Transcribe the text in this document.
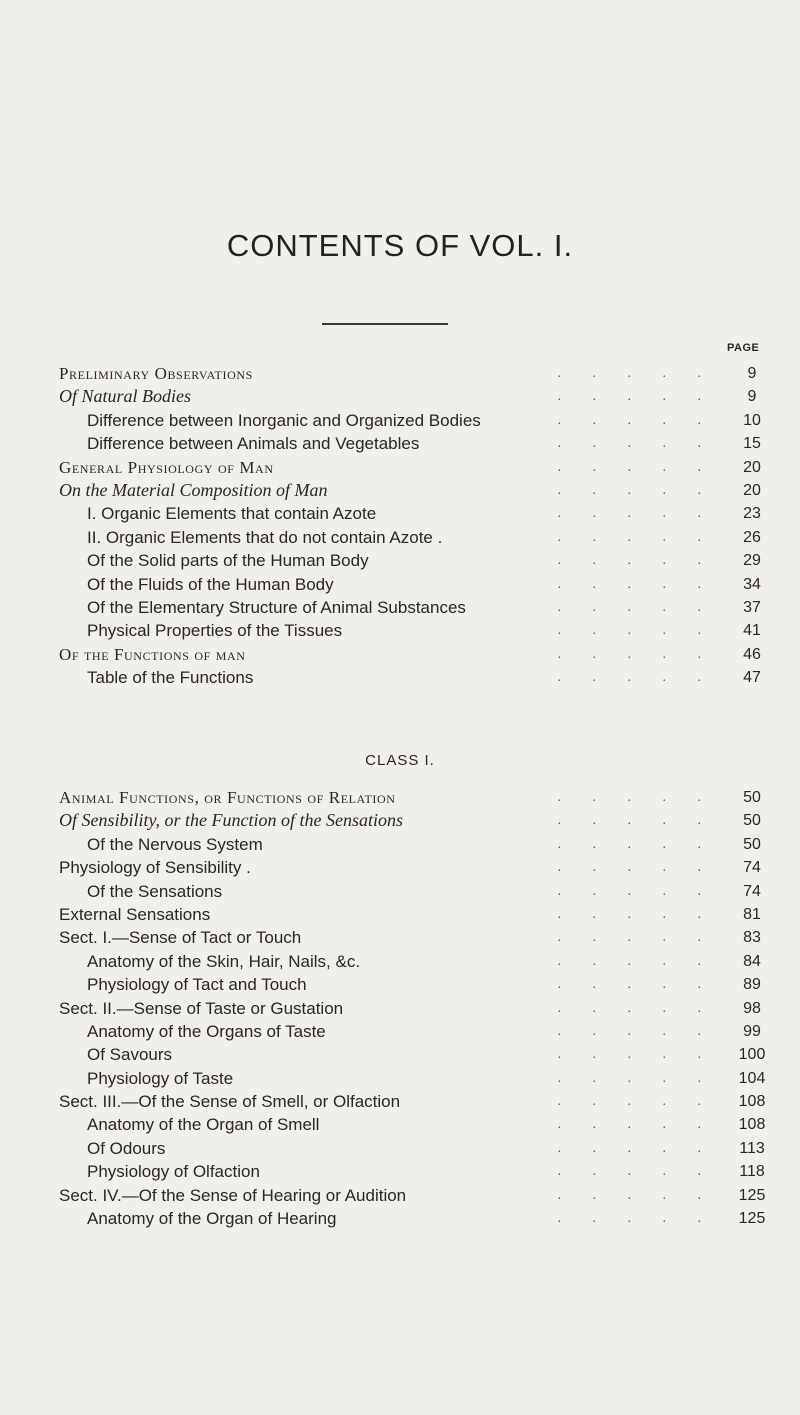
CONTENTS OF VOL. I.
PAGE
Preliminary Observations	. . . . .	9
Of Natural Bodies	. . . . .	9
Difference between Inorganic and Organized Bodies	. . . . .	10
Difference between Animals and Vegetables	. . . . .	15
General Physiology of Man	. . . . .	20
On the Material Composition of Man	. . . . .	20
I. Organic Elements that contain Azote	. . . . .	23
II. Organic Elements that do not contain Azote .	. . . . .	26
Of the Solid parts of the Human Body	. . . . .	29
Of the Fluids of the Human Body	. . . . .	34
Of the Elementary Structure of Animal Substances	. . . . .	37
Physical Properties of the Tissues	. . . . .	41
Of the Functions of man	. . . . .	46
Table of the Functions	. . . . .	47
CLASS I.
Animal Functions, or Functions of Relation	. . . . .	50
Of Sensibility, or the Function of the Sensations	. . . . .	50
Of the Nervous System	. . . . .	50
Physiology of Sensibility .	. . . . .	74
Of the Sensations	. . . . .	74
External Sensations	. . . . .	81
Sect. I.—Sense of Tact or Touch	. . . . .	83
Anatomy of the Skin, Hair, Nails, &c.	. . . . .	84
Physiology of Tact and Touch	. . . . .	89
Sect. II.—Sense of Taste or Gustation	. . . . .	98
Anatomy of the Organs of Taste	. . . . .	99
Of Savours	. . . . . 100
Physiology of Taste	. . . . . 104
Sect. III.—Of the Sense of Smell, or Olfaction	. . . . . 108
Anatomy of the Organ of Smell	. . . . . 108
Of Odours	. . . . .	113
Physiology of Olfaction	. . . . .	118
Sect. IV.—Of the Sense of Hearing or Audition	. . . . . 125
Anatomy of the Organ of Hearing	. . . . . 125
